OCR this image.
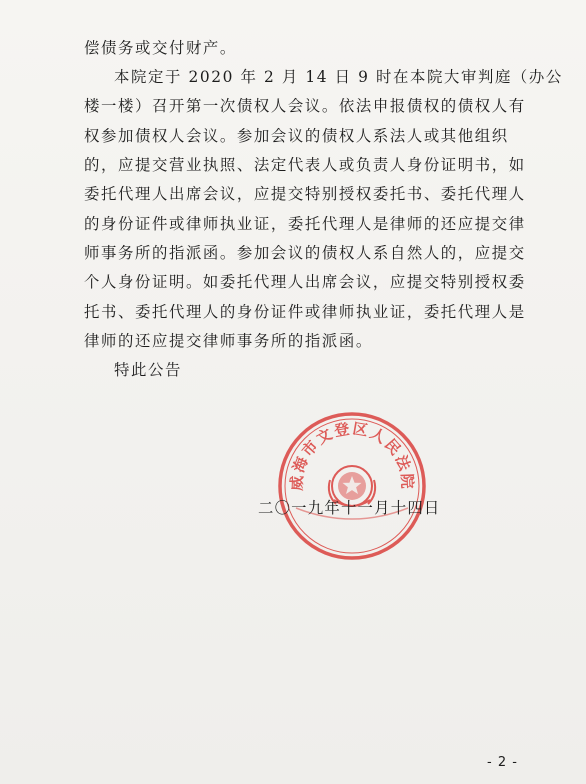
偿债务或交付财产。
本院定于 2020 年 2 月 14 日 9 时在本院大审判庭（办公
楼一楼）召开第一次债权人会议。依法申报债权的债权人有
权参加债权人会议。参加会议的债权人系法人或其他组织
的，应提交营业执照、法定代表人或负责人身份证明书，如
委托代理人出席会议，应提交特别授权委托书、委托代理人
的身份证件或律师执业证，委托代理人是律师的还应提交律
师事务所的指派函。参加会议的债权人系自然人的，应提交
个人身份证明。如委托代理人出席会议，应提交特别授权委
托书、委托代理人的身份证件或律师执业证，委托代理人是
律师的还应提交律师事务所的指派函。
特此公告
威海市文登区人民法院
二〇一九年十一月十四日
- 2 -
